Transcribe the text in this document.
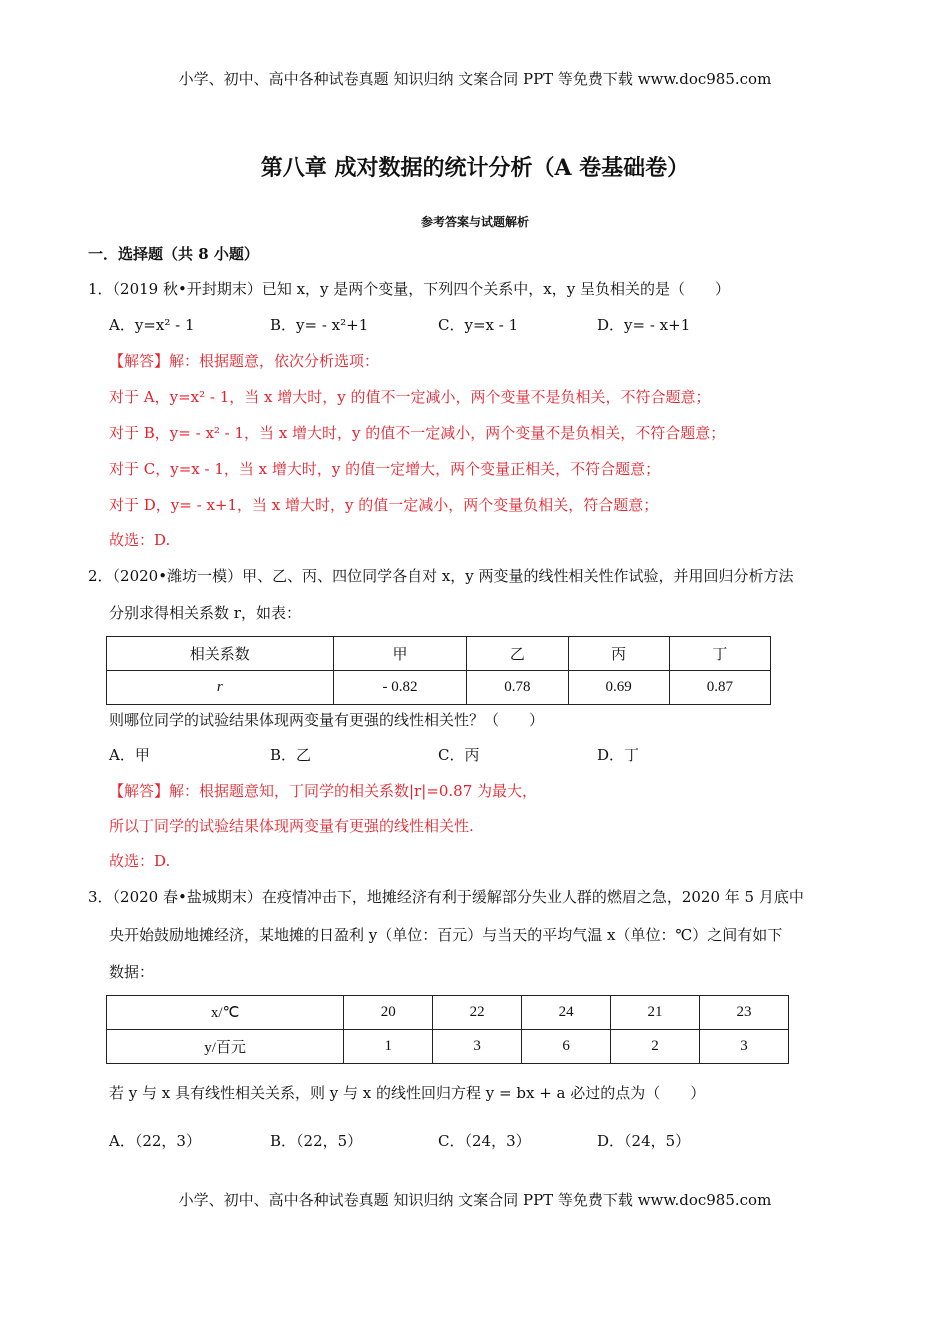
小学、初中、高中各种试卷真题 知识归纳 文案合同 PPT 等免费下载 www.doc985.com
第八章 成对数据的统计分析（A 卷基础卷）
参考答案与试题解析
一．选择题（共 8 小题）
1．（2019 秋•开封期末）已知 x，y 是两个变量，下列四个关系中，x，y 呈负相关的是（　　）
A．y=x² - 1	B．y= - x²+1	C．y=x - 1	D．y= - x+1
【解答】解：根据题意，依次分析选项：
对于 A，y=x² - 1，当 x 增大时，y 的值不一定减小，两个变量不是负相关，不符合题意；
对于 B，y= - x² - 1，当 x 增大时，y 的值不一定减小，两个变量不是负相关，不符合题意；
对于 C，y=x - 1，当 x 增大时，y 的值一定增大，两个变量正相关，不符合题意；
对于 D，y= - x+1，当 x 增大时，y 的值一定减小，两个变量负相关，符合题意；
故选：D.
2．（2020•潍坊一模）甲、乙、丙、四位同学各自对 x，y 两变量的线性相关性作试验，并用回归分析方法
分别求得相关系数 r，如表：
相关系数	甲	乙	丙	丁
r	- 0.82	0.78	0.69	0.87
则哪位同学的试验结果体现两变量有更强的线性相关性？（　　）
A．甲	B．乙	C．丙	D．丁
【解答】解：根据题意知，丁同学的相关系数|r|=0.87 为最大，
所以丁同学的试验结果体现两变量有更强的线性相关性.
故选：D.
3．（2020 春•盐城期末）在疫情冲击下，地摊经济有利于缓解部分失业人群的燃眉之急，2020 年 5 月底中
央开始鼓励地摊经济，某地摊的日盈利 y（单位：百元）与当天的平均气温 x（单位：℃）之间有如下
数据：
x/℃	20	22	24	21	23
y/百元	1	3	6	2	3
若 y 与 x 具有线性相关关系，则 y 与 x 的线性回归方程 y = bx + a 必过的点为（　　）
A．（22，3）	B．（22，5）	C．（24，3）	D．（24，5）
小学、初中、高中各种试卷真题 知识归纳 文案合同 PPT 等免费下载 www.doc985.com
